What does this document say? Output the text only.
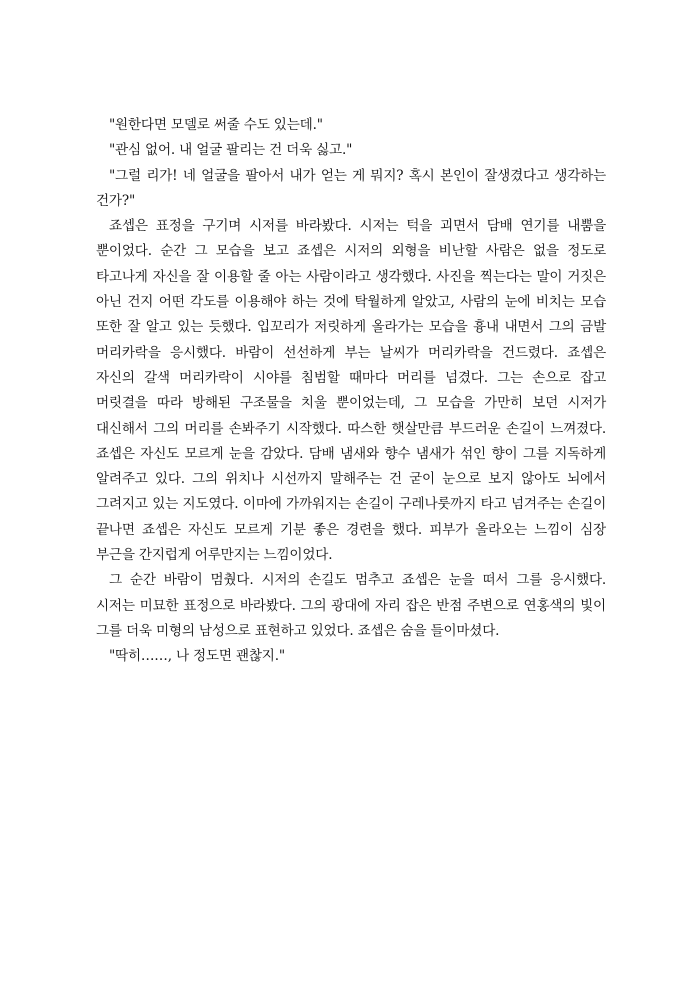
"원한다면 모델로 써줄 수도 있는데."

"관심 없어. 내 얼굴 팔리는 건 더욱 싫고."

"그럴 리가! 네 얼굴을 팔아서 내가 얻는 게 뭐지? 혹시 본인이 잘생겼다고 생각하는 건가?"

죠셉은 표정을 구기며 시저를 바라봤다. 시저는 턱을 괴면서 담배 연기를 내뿜을 뿐이었다. 순간 그 모습을 보고 죠셉은 시저의 외형을 비난할 사람은 없을 정도로 타고나게 자신을 잘 이용할 줄 아는 사람이라고 생각했다. 사진을 찍는다는 말이 거짓은 아닌 건지 어떤 각도를 이용해야 하는 것에 탁월하게 알았고, 사람의 눈에 비치는 모습 또한 잘 알고 있는 듯했다. 입꼬리가 저릿하게 올라가는 모습을 흉내 내면서 그의 금발 머리카락을 응시했다. 바람이 선선하게 부는 날씨가 머리카락을 건드렸다. 죠셉은 자신의 갈색 머리카락이 시야를 침범할 때마다 머리를 넘겼다. 그는 손으로 잡고 머릿결을 따라 방해된 구조물을 치울 뿐이었는데, 그 모습을 가만히 보던 시저가 대신해서 그의 머리를 손봐주기 시작했다. 따스한 햇살만큼 부드러운 손길이 느껴졌다. 죠셉은 자신도 모르게 눈을 감았다. 담배 냄새와 향수 냄새가 섞인 향이 그를 지독하게 알려주고 있다. 그의 위치나 시선까지 말해주는 건 굳이 눈으로 보지 않아도 뇌에서 그려지고 있는 지도였다. 이마에 가까워지는 손길이 구레나룻까지 타고 넘겨주는 손길이 끝나면 죠셉은 자신도 모르게 기분 좋은 경련을 했다. 피부가 올라오는 느낌이 심장 부근을 간지럽게 어루만지는 느낌이었다.

그 순간 바람이 멈췄다. 시저의 손길도 멈추고 죠셉은 눈을 떠서 그를 응시했다. 시저는 미묘한 표정으로 바라봤다. 그의 광대에 자리 잡은 반점 주변으로 연홍색의 빛이 그를 더욱 미형의 남성으로 표현하고 있었다. 죠셉은 숨을 들이마셨다.

"딱히……, 나 정도면 괜찮지."
